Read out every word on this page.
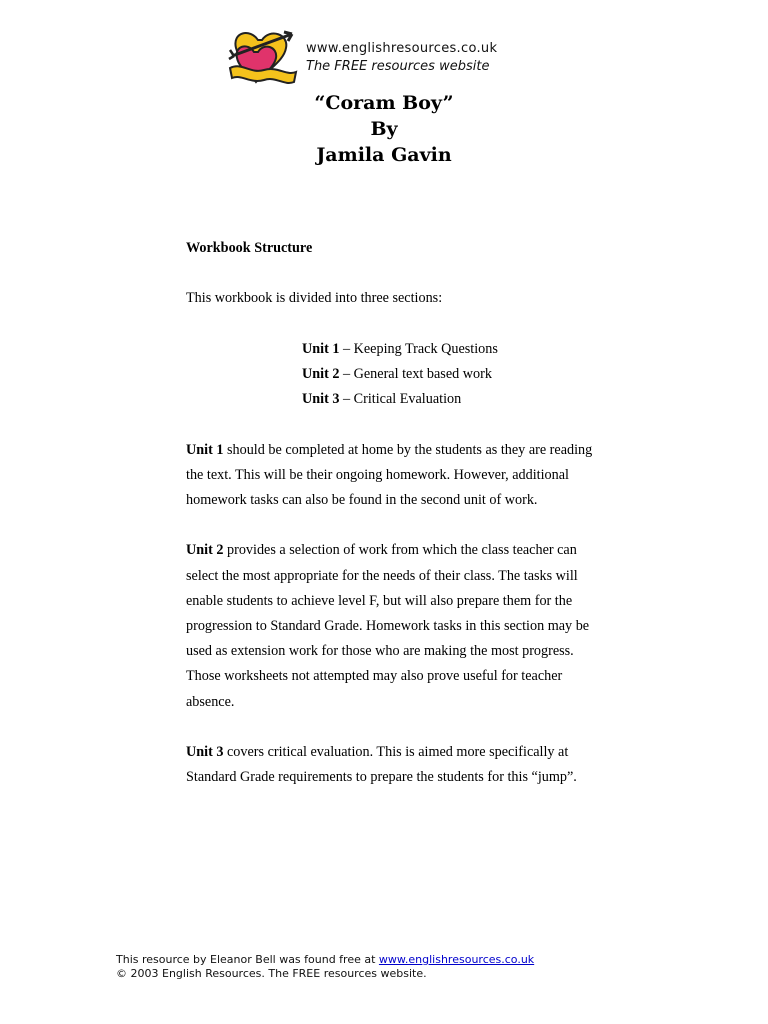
www.englishresources.co.uk
The FREE resources website
“Coram Boy”
By
Jamila Gavin

Workbook Structure

This workbook is divided into three sections:

Unit 1 – Keeping Track Questions
Unit 2 – General text based work
Unit 3 – Critical Evaluation

Unit 1 should be completed at home by the students as they are reading the text. This will be their ongoing homework. However, additional homework tasks can also be found in the second unit of work.

Unit 2 provides a selection of work from which the class teacher can select the most appropriate for the needs of their class. The tasks will enable students to achieve level F, but will also prepare them for the progression to Standard Grade. Homework tasks in this section may be used as extension work for those who are making the most progress. Those worksheets not attempted may also prove useful for teacher absence.

Unit 3 covers critical evaluation. This is aimed more specifically at Standard Grade requirements to prepare the students for this “jump”.

This resource by Eleanor Bell was found free at www.englishresources.co.uk
© 2003 English Resources. The FREE resources website.
